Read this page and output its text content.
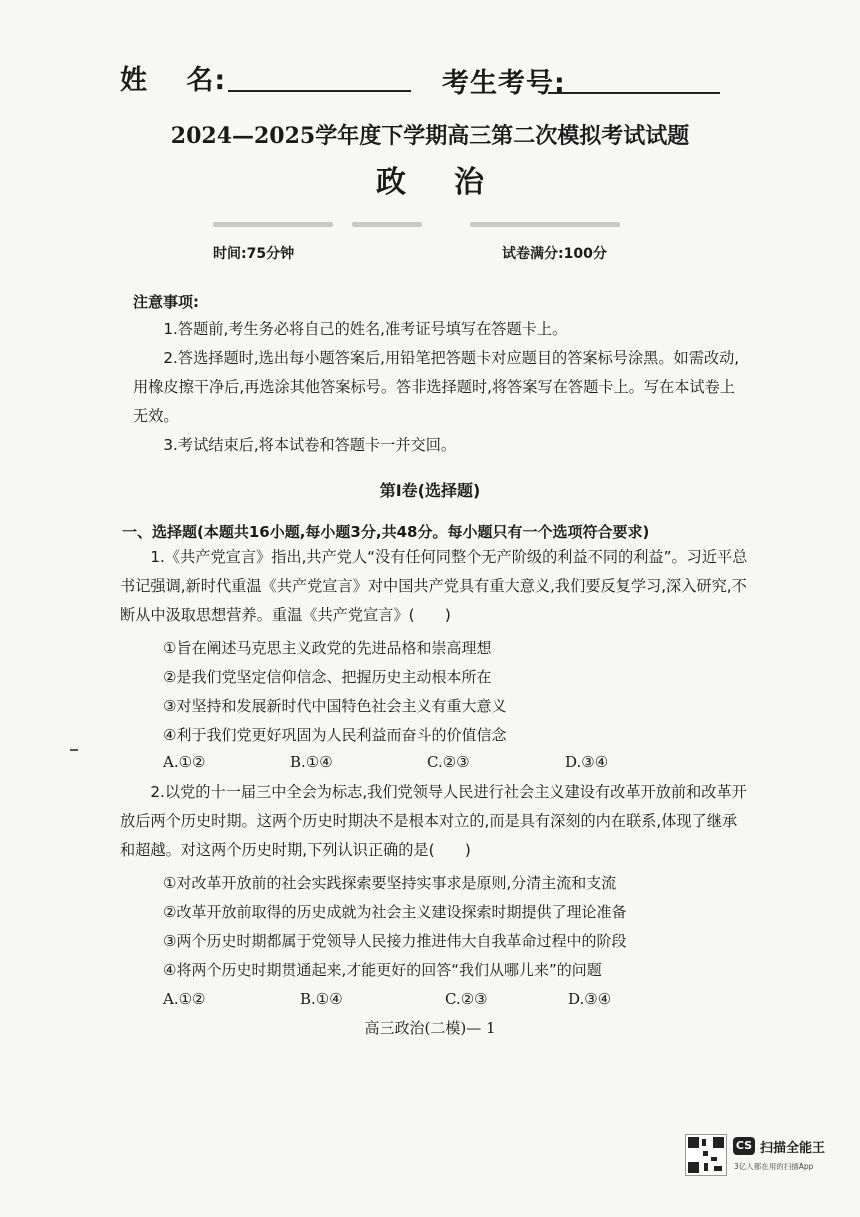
姓　 名:	考生考号:
2024—2025学年度下学期高三第二次模拟考试试题
政治
时间:75分钟	试卷满分:100分
注意事项:
1.答题前,考生务必将自己的姓名,准考证号填写在答题卡上。
2.答选择题时,选出每小题答案后,用铅笔把答题卡对应题目的答案标号涂黑。如需改动,用橡皮擦干净后,再选涂其他答案标号。答非选择题时,将答案写在答题卡上。写在本试卷上无效。
3.考试结束后,将本试卷和答题卡一并交回。
第Ⅰ卷(选择题)
一、选择题(本题共16小题,每小题3分,共48分。每小题只有一个选项符合要求)
1.《共产党宣言》指出,共产党人“没有任何同整个无产阶级的利益不同的利益”。习近平总书记强调,新时代重温《共产党宣言》对中国共产党具有重大意义,我们要反复学习,深入研究,不断从中汲取思想营养。重温《共产党宣言》(　　)
①旨在阐述马克思主义政党的先进品格和崇高理想
②是我们党坚定信仰信念、把握历史主动根本所在
③对坚持和发展新时代中国特色社会主义有重大意义
④利于我们党更好巩固为人民利益而奋斗的价值信念
A.①②	B.①④	C.②③	D.③④
2.以党的十一届三中全会为标志,我们党领导人民进行社会主义建设有改革开放前和改革开放后两个历史时期。这两个历史时期决不是根本对立的,而是具有深刻的内在联系,体现了继承和超越。对这两个历史时期,下列认识正确的是(　　)
①对改革开放前的社会实践探索要坚持实事求是原则,分清主流和支流
②改革开放前取得的历史成就为社会主义建设探索时期提供了理论准备
③两个历史时期都属于党领导人民接力推进伟大自我革命过程中的阶段
④将两个历史时期贯通起来,才能更好的回答“我们从哪儿来”的问题
A.①②	B.①④	C.②③	D.③④
高三政治(二模)— 1
CS 扫描全能王
3亿人都在用的扫描App
